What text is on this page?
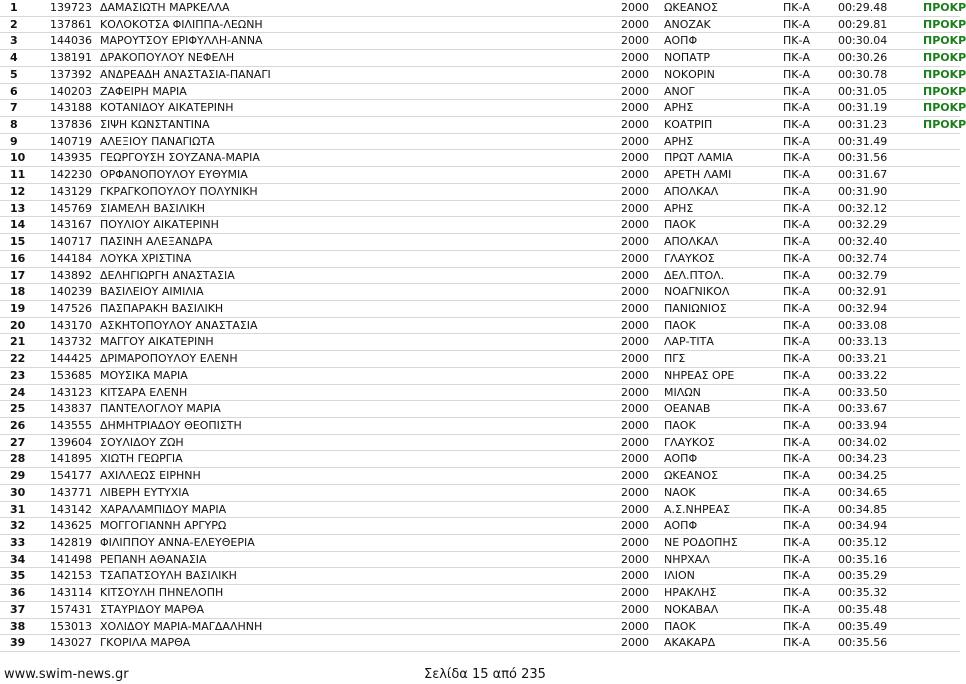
1	139723 ΔΑΜΑΣΙΩΤΗ ΜΑΡΚΕΛΛΑ	2000 ΩΚΕΑΝΟΣ	ΠΚ-Α	00:29.48	ΠΡΟΚΡ
2	137861 ΚΟΛΟΚΟΤΣΑ ΦΙΛΙΠΠΑ-ΛΕΩΝΗ	2000 ΑΝΟΖΑΚ	ΠΚ-Α	00:29.81	ΠΡΟΚΡ
3	144036 ΜΑΡΟΥΤΣΟΥ ΕΡΙΦΥΛΛΗ-ΑΝΝΑ	2000 ΑΟΠΦ	ΠΚ-Α	00:30.04	ΠΡΟΚΡ
4	138191 ΔΡΑΚΟΠΟΥΛΟΥ ΝΕΦΕΛΗ	2000 ΝΟΠΑΤΡ	ΠΚ-Α	00:30.26	ΠΡΟΚΡ
5	137392 ΑΝΔΡΕΑΔΗ ΑΝΑΣΤΑΣΙΑ-ΠΑΝΑΓΙ	2000 ΝΟΚΟΡΙΝ	ΠΚ-Α	00:30.78	ΠΡΟΚΡ
6	140203 ΖΑΦΕΙΡΗ ΜΑΡΙΑ	2000 ΑΝΟΓ	ΠΚ-Α	00:31.05	ΠΡΟΚΡ
7	143188 ΚΟΤΑΝΙΔΟΥ ΑΙΚΑΤΕΡΙΝΗ	2000 ΑΡΗΣ	ΠΚ-Α	00:31.19	ΠΡΟΚΡ
8	137836 ΣΙΨΗ ΚΩΝΣΤΑΝΤΙΝΑ	2000 ΚΟΑΤΡΙΠ	ΠΚ-Α	00:31.23	ΠΡΟΚΡ
9	140719 ΑΛΕΞΙΟΥ ΠΑΝΑΓΙΩΤΑ	2000 ΑΡΗΣ	ΠΚ-Α	00:31.49
10 143935 ΓΕΩΡΓΟΥΣΗ ΣΟΥΖΑΝΑ-ΜΑΡΙΑ	2000 ΠΡΩΤ ΛΑΜΙΑ	ΠΚ-Α	00:31.56
11 142230 ΟΡΦΑΝΟΠΟΥΛΟΥ ΕΥΘΥΜΙΑ	2000 ΑΡΕΤΗ ΛΑΜΙ	ΠΚ-Α	00:31.67
12 143129 ΓΚΡΑΓΚΟΠΟΥΛΟΥ ΠΟΛΥΝΙΚΗ	2000 ΑΠΟΛΚΑΛ	ΠΚ-Α	00:31.90
13 145769 ΣΙΑΜΕΛΗ ΒΑΣΙΛΙΚΗ	2000 ΑΡΗΣ	ΠΚ-Α	00:32.12
14 143167 ΠΟΥΛΙΟΥ ΑΙΚΑΤΕΡΙΝΗ	2000 ΠΑΟΚ	ΠΚ-Α	00:32.29
15 140717 ΠΑΣΙΝΗ ΑΛΕΞΑΝΔΡΑ	2000 ΑΠΟΛΚΑΛ	ΠΚ-Α	00:32.40
16 144184 ΛΟΥΚΑ ΧΡΙΣΤΙΝΑ	2000 ΓΛΑΥΚΟΣ	ΠΚ-Α	00:32.74
17 143892 ΔΕΛΗΓΙΩΡΓΗ ΑΝΑΣΤΑΣΙΑ	2000 ΔΕΛ.ΠΤΟΛ.	ΠΚ-Α	00:32.79
18 140239 ΒΑΣΙΛΕΙΟΥ ΑΙΜΙΛΙΑ	2000 ΝΟΑΓΝΙΚΟΛ	ΠΚ-Α	00:32.91
19 147526 ΠΑΣΠΑΡΑΚΗ ΒΑΣΙΛΙΚΗ	2000 ΠΑΝΙΩΝΙΟΣ	ΠΚ-Α	00:32.94
20 143170 ΑΣΚΗΤΟΠΟΥΛΟΥ ΑΝΑΣΤΑΣΙΑ	2000 ΠΑΟΚ	ΠΚ-Α	00:33.08
21 143732 ΜΑΓΓΟΥ ΑΙΚΑΤΕΡΙΝΗ	2000 ΛΑΡ-ΤΙΤΑ	ΠΚ-Α	00:33.13
22 144425 ΔΡΙΜΑΡΟΠΟΥΛΟΥ ΕΛΕΝΗ	2000 ΠΓΣ	ΠΚ-Α	00:33.21
23 153685 ΜΟΥΣΙΚΑ ΜΑΡΙΑ	2000 ΝΗΡΕΑΣ ΟΡΕ	ΠΚ-Α	00:33.22
24 143123 ΚΙΤΣΑΡΑ ΕΛΕΝΗ	2000 ΜΙΛΩΝ	ΠΚ-Α	00:33.50
25 143837 ΠΑΝΤΕΛΟΓΛΟΥ ΜΑΡΙΑ	2000 ΟΕΑΝΑΒ	ΠΚ-Α	00:33.67
26 143555 ΔΗΜΗΤΡΙΑΔΟΥ ΘΕΟΠΙΣΤΗ	2000 ΠΑΟΚ	ΠΚ-Α	00:33.94
27 139604 ΣΟΥΛΙΔΟΥ ΖΩΗ	2000 ΓΛΑΥΚΟΣ	ΠΚ-Α	00:34.02
28 141895 ΧΙΩΤΗ ΓΕΩΡΓΙΑ	2000 ΑΟΠΦ	ΠΚ-Α	00:34.23
29 154177 ΑΧΙΛΛΕΩΣ ΕΙΡΗΝΗ	2000 ΩΚΕΑΝΟΣ	ΠΚ-Α	00:34.25
30 143771 ΛΙΒΕΡΗ ΕΥΤΥΧΙΑ	2000 ΝΑΟΚ	ΠΚ-Α	00:34.65
31 143142 ΧΑΡΑΛΑΜΠΙΔΟΥ ΜΑΡΙΑ	2000 Α.Σ.ΝΗΡΕΑΣ	ΠΚ-Α	00:34.85
32 143625 ΜΟΓΓΟΓΙΑΝΝΗ ΑΡΓΥΡΩ	2000 ΑΟΠΦ	ΠΚ-Α	00:34.94
33 142819 ΦΙΛΙΠΠΟΥ ΑΝΝΑ-ΕΛΕΥΘΕΡΙΑ	2000 ΝΕ ΡΟΔΟΠΗΣ	ΠΚ-Α	00:35.12
34 141498 ΡΕΠΑΝΗ ΑΘΑΝΑΣΙΑ	2000 ΝΗΡΧΑΛ	ΠΚ-Α	00:35.16
35 142153 ΤΣΑΠΑΤΣΟΥΛΗ ΒΑΣΙΛΙΚΗ	2000 ΙΛΙΟΝ	ΠΚ-Α	00:35.29
36 143114 ΚΙΤΣΟΥΛΗ ΠΗΝΕΛΟΠΗ	2000 ΗΡΑΚΛΗΣ	ΠΚ-Α	00:35.32
37 157431 ΣΤΑΥΡΙΔΟΥ ΜΑΡΘΑ	2000 ΝΟΚΑΒΑΛ	ΠΚ-Α	00:35.48
38 153013 ΧΟΛΙΔΟΥ ΜΑΡΙΑ-ΜΑΓΔΑΛΗΝΗ	2000 ΠΑΟΚ	ΠΚ-Α	00:35.49
39 143027 ΓΚΟΡΙΛΑ ΜΑΡΘΑ	2000 ΑΚΑΚΑΡΔ	ΠΚ-Α	00:35.56
www.swim-news.gr	Σελίδα 15 από 235
